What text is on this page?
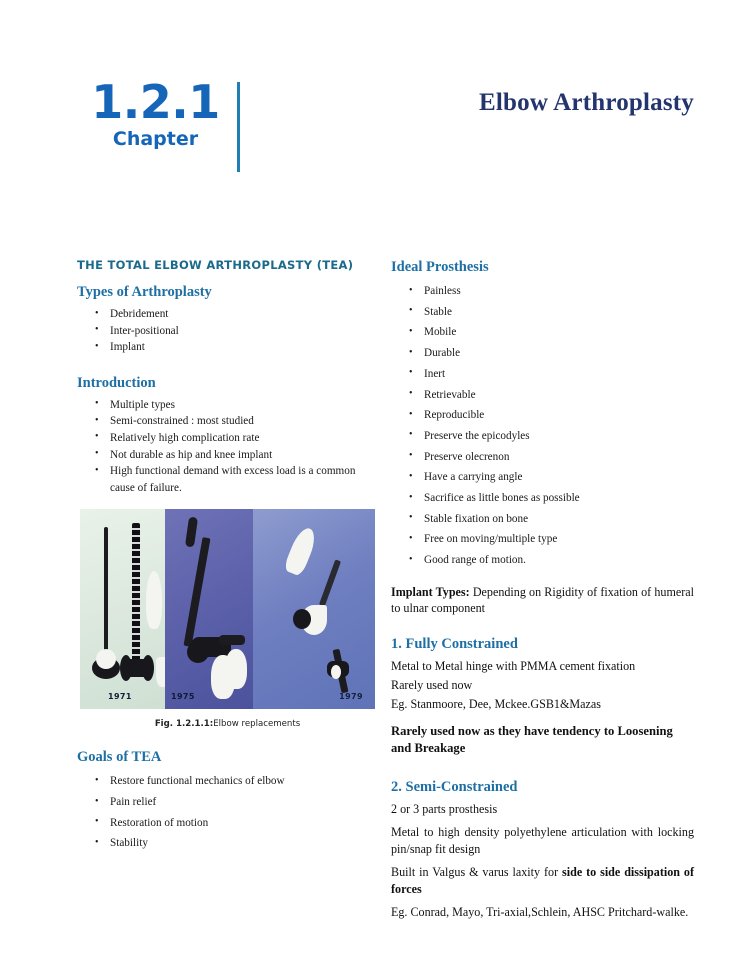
1.2.1
Chapter
Elbow Arthroplasty
THE TOTAL ELBOW ARTHROPLASTY (TEA)
Types of Arthroplasty
• Debridement
• Inter-positional
• Implant
Introduction
• Multiple types
• Semi-constrained : most studied
• Relatively high complication rate
• Not durable as hip and knee implant
• High functional demand with excess load is a common cause of failure.
1971	1975	1979
Fig. 1.2.1.1:Elbow replacements
Goals of TEA
• Restore functional mechanics of elbow
• Pain relief
• Restoration of motion
• Stability
Ideal Prosthesis
• Painless
• Stable
• Mobile
• Durable
• Inert
• Retrievable
• Reproducible
• Preserve the epicodyles
• Preserve olecrenon
• Have a carrying angle
• Sacrifice as little bones as possible
• Stable fixation on bone
• Free on moving/multiple type
• Good range of motion.

Implant Types: Depending on Rigidity of fixation of humeral to ulnar component

1. Fully Constrained

Metal to Metal hinge with PMMA cement fixation

Rarely used now

Eg. Stanmoore, Dee, Mckee.GSB1&Mazas

Rarely used now as they have tendency to Loosening and Breakage

2. Semi-Constrained

2 or 3 parts prosthesis

Metal to high density polyethylene articulation with locking pin/snap fit design

Built in Valgus & varus laxity for side to side dissipation of forces

Eg. Conrad, Mayo, Tri-axial,Schlein, AHSC Pritchard-walke.
